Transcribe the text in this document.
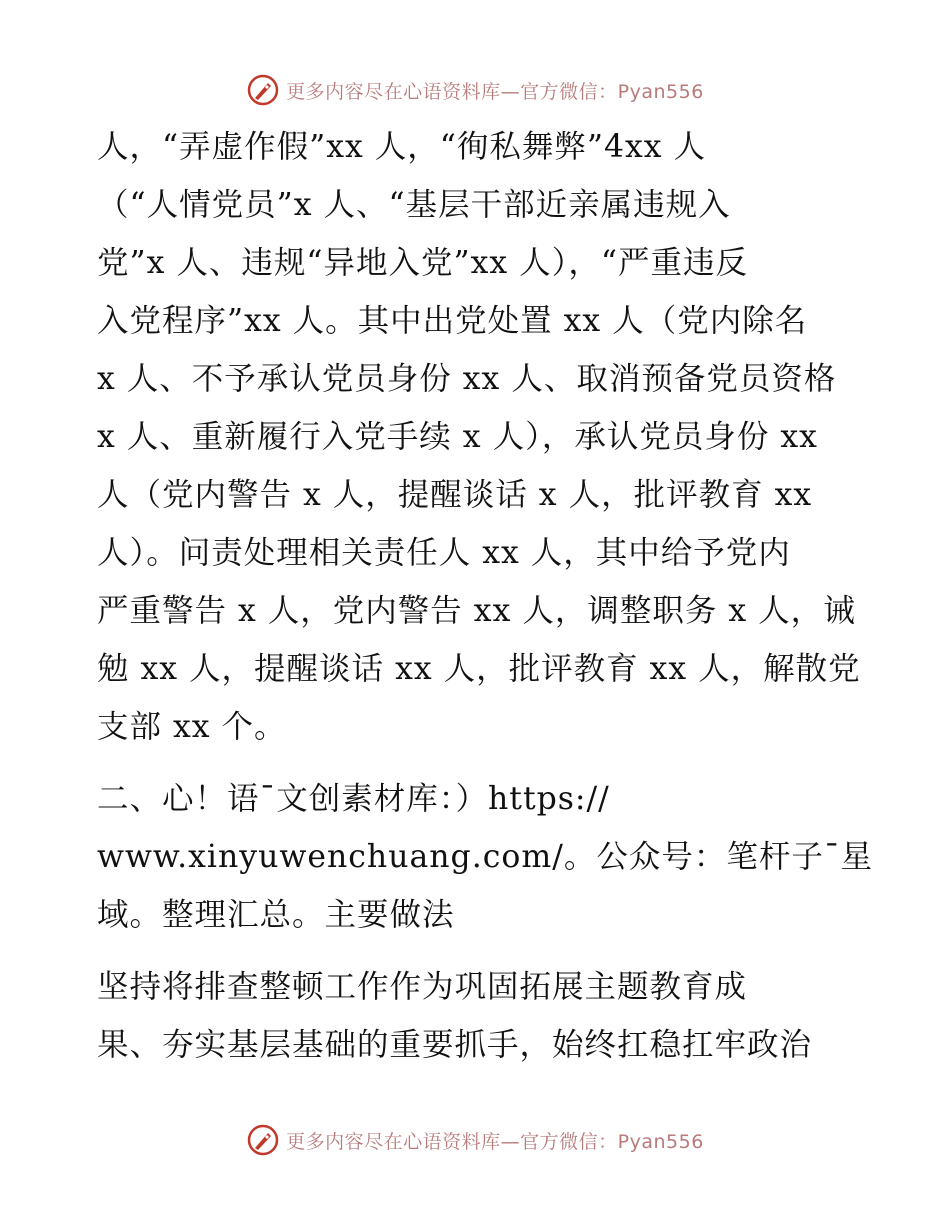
更多内容尽在心语资料库—官方微信：Pyan556
人，“弄虚作假”xx 人，“徇私舞弊”4xx 人
（“人情党员”x 人、“基层干部近亲属违规入
党”x 人、违规“异地入党”xx 人），“严重违反
入党程序”xx 人。其中出党处置 xx 人（党内除名
x 人、不予承认党员身份 xx 人、取消预备党员资格
x 人、重新履行入党手续 x 人），承认党员身份 xx
人（党内警告 x 人，提醒谈话 x 人，批评教育 xx
人）。问责处理相关责任人 xx 人，其中给予党内
严重警告 x 人，党内警告 xx 人，调整职务 x 人，诫
勉 xx 人，提醒谈话 xx 人，批评教育 xx 人，解散党
支部 xx 个。
二、心！语¯文创素材库：）https://
www.xinyuwenchuang.com/。公众号：笔杆子¯星
域。整理汇总。主要做法
坚持将排查整顿工作作为巩固拓展主题教育成
果、夯实基层基础的重要抓手，始终扛稳扛牢政治
更多内容尽在心语资料库—官方微信：Pyan556
